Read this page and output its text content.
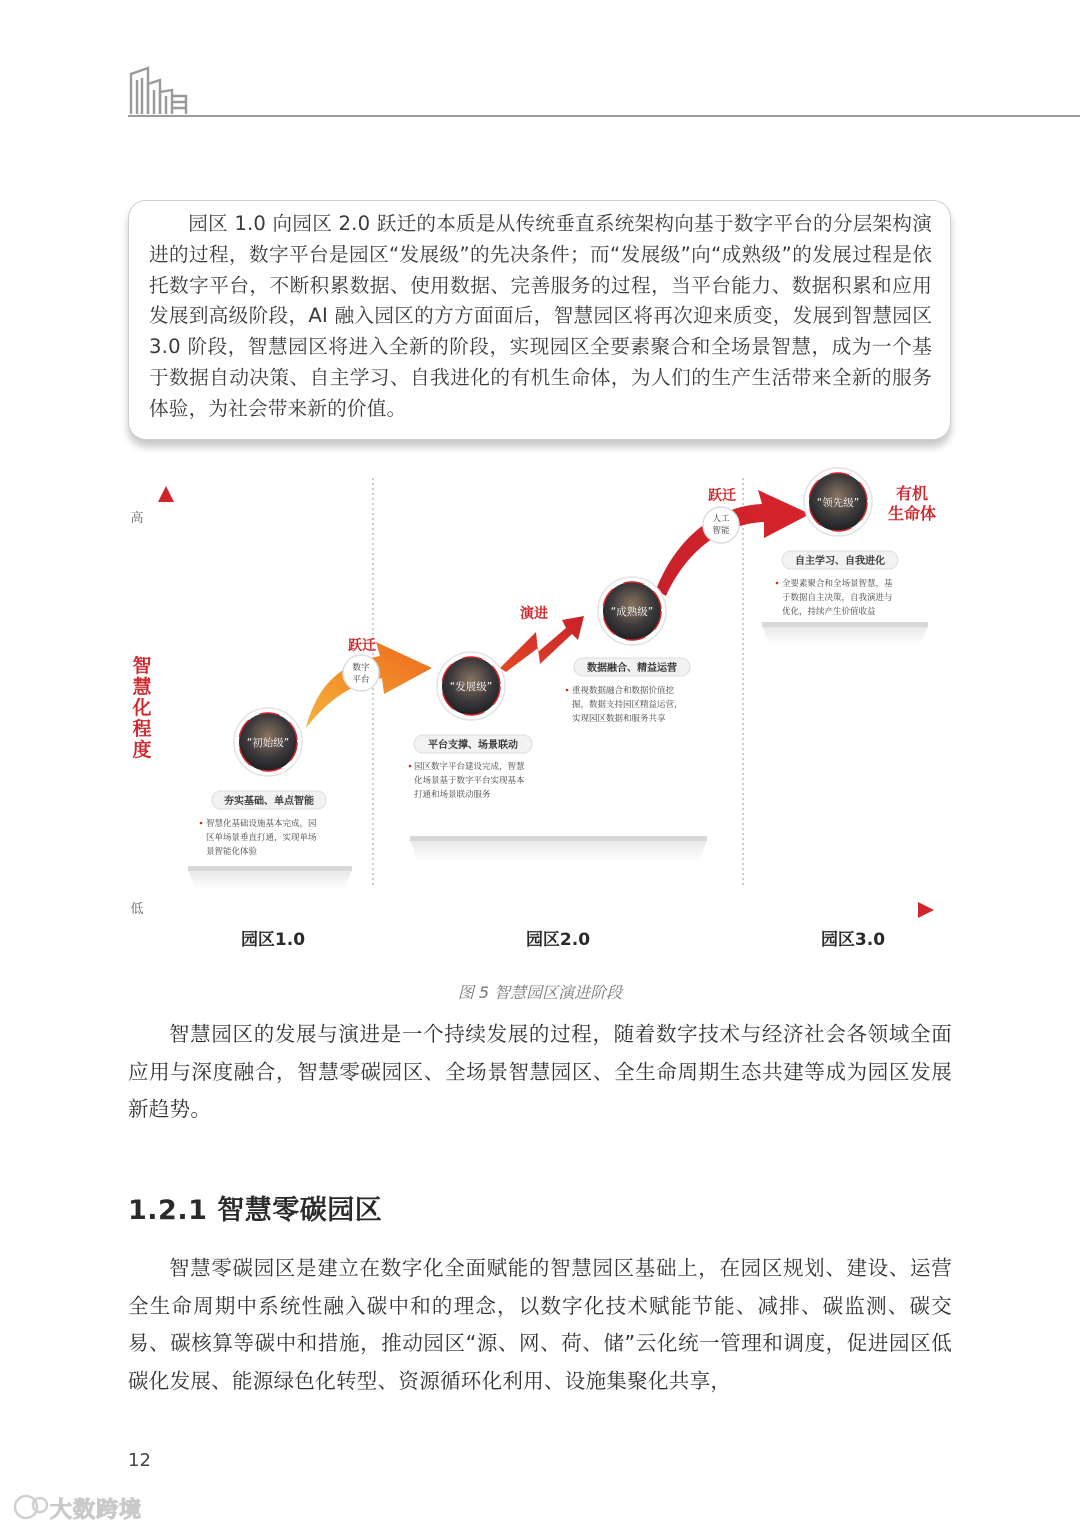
园区 1.0 向园区 2.0 跃迁的本质是从传统垂直系统架构向基于数字平台的分层架构演进的过程，数字平台是园区“发展级”的先决条件；而“发展级”向“成熟级”的发展过程是依托数字平台，不断积累数据、使用数据、完善服务的过程，当平台能力、数据积累和应用发展到高级阶段，AI 融入园区的方方面面后，智慧园区将再次迎来质变，发展到智慧园区 3.0 阶段，智慧园区将进入全新的阶段，实现园区全要素聚合和全场景智慧，成为一个基于数据自动决策、自主学习、自我进化的有机生命体，为人们的生产生活带来全新的服务体验，为社会带来新的价值。

高
低
智
慧
化
程
度
园区1.0	园区2.0	园区3.0
跃迁
演进
跃迁
数字
平台
人工
智能
有机
生命体
“初始级”
夯实基础、单点智能
智慧化基础设施基本完成，园
区单场景垂直打通，实现单场
景智能化体验
“发展级”
平台支撑、场景联动
园区数字平台建设完成，智慧
化场景基于数字平台实现基本
打通和场景联动服务
“成熟级”
数据融合、精益运营
重视数据融合和数据价值挖
掘，数据支持园区精益运营，
实现园区数据和服务共享
“领先级”
自主学习、自我进化
全要素聚合和全场景智慧，基
于数据自主决策，自我演进与
优化，持续产生价值收益
图 5 智慧园区演进阶段

智慧园区的发展与演进是一个持续发展的过程，随着数字技术与经济社会各领域全面应用与深度融合，智慧零碳园区、全场景智慧园区、全生命周期生态共建等成为园区发展新趋势。

1.2.1 智慧零碳园区

智慧零碳园区是建立在数字化全面赋能的智慧园区基础上，在园区规划、建设、运营全生命周期中系统性融入碳中和的理念，以数字化技术赋能节能、减排、碳监测、碳交易、碳核算等碳中和措施，推动园区“源、网、荷、储”云化统一管理和调度，促进园区低碳化发展、能源绿色化转型、资源循环化利用、设施集聚化共享，

12
大数跨境
